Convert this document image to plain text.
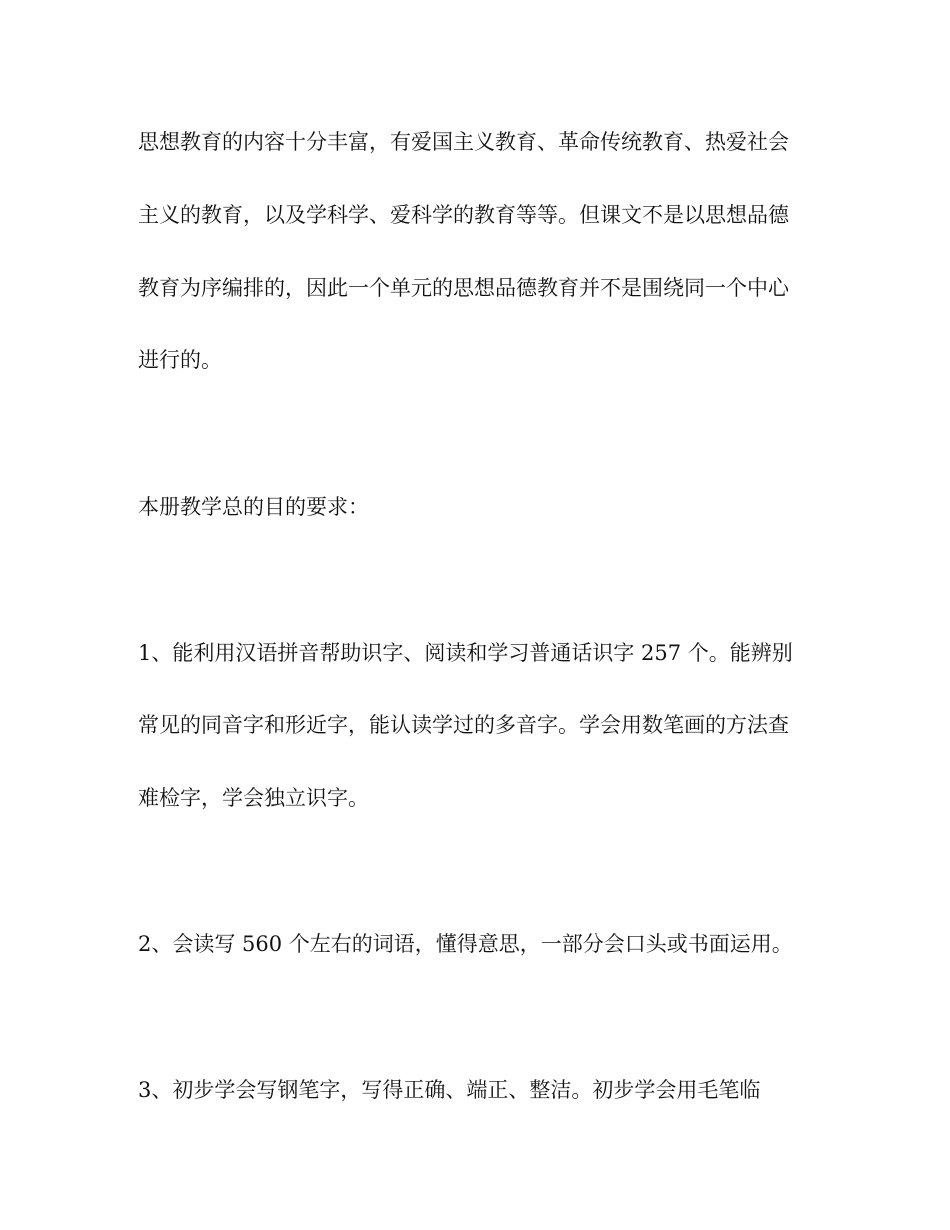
思想教育的内容十分丰富，有爱国主义教育、革命传统教育、热爱社会
主义的教育，以及学科学、爱科学的教育等等。但课文不是以思想品德
教育为序编排的，因此一个单元的思想品德教育并不是围绕同一个中心
进行的。
本册教学总的目的要求：
1、能利用汉语拼音帮助识字、阅读和学习普通话识字 257 个。能辨别
常见的同音字和形近字，能认读学过的多音字。学会用数笔画的方法查
难检字，学会独立识字。
2、会读写 560 个左右的词语，懂得意思，一部分会口头或书面运用。
3、初步学会写钢笔字，写得正确、端正、整洁。初步学会用毛笔临
